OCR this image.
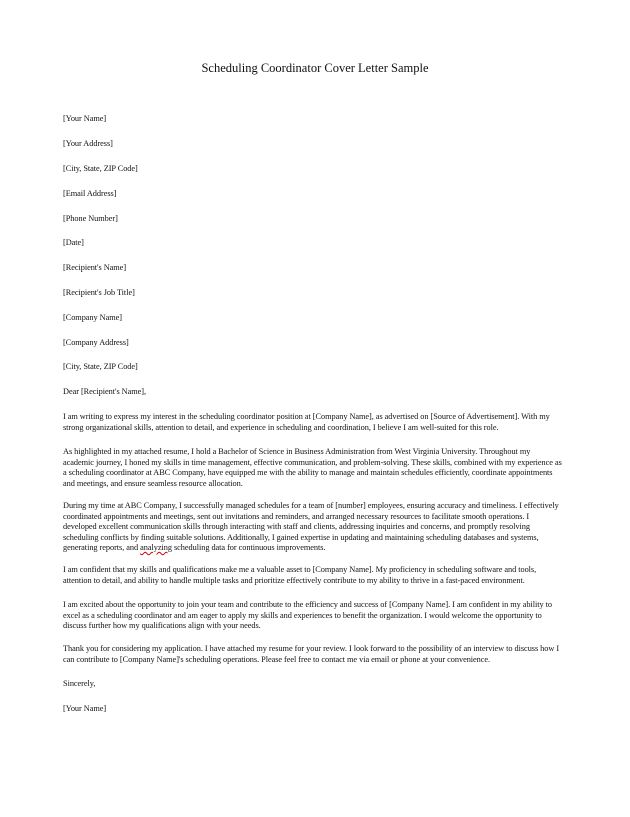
Scheduling Coordinator Cover Letter Sample
[Your Name]
[Your Address]
[City, State, ZIP Code]
[Email Address]
[Phone Number]
[Date]
[Recipient's Name]
[Recipient's Job Title]
[Company Name]
[Company Address]
[City, State, ZIP Code]
Dear [Recipient's Name],
I am writing to express my interest in the scheduling coordinator position at [Company Name], as advertised on [Source of Advertisement]. With my strong organizational skills, attention to detail, and experience in scheduling and coordination, I believe I am well-suited for this role.
As highlighted in my attached resume, I hold a Bachelor of Science in Business Administration from West Virginia University. Throughout my academic journey, I honed my skills in time management, effective communication, and problem-solving. These skills, combined with my experience as a scheduling coordinator at ABC Company, have equipped me with the ability to manage and maintain schedules efficiently, coordinate appointments and meetings, and ensure seamless resource allocation.
During my time at ABC Company, I successfully managed schedules for a team of [number] employees, ensuring accuracy and timeliness. I effectively coordinated appointments and meetings, sent out invitations and reminders, and arranged necessary resources to facilitate smooth operations. I developed excellent communication skills through interacting with staff and clients, addressing inquiries and concerns, and promptly resolving scheduling conflicts by finding suitable solutions. Additionally, I gained expertise in updating and maintaining scheduling databases and systems, generating reports, and analyzing scheduling data for continuous improvements.
I am confident that my skills and qualifications make me a valuable asset to [Company Name]. My proficiency in scheduling software and tools, attention to detail, and ability to handle multiple tasks and prioritize effectively contribute to my ability to thrive in a fast-paced environment.
I am excited about the opportunity to join your team and contribute to the efficiency and success of [Company Name]. I am confident in my ability to excel as a scheduling coordinator and am eager to apply my skills and experiences to benefit the organization. I would welcome the opportunity to discuss further how my qualifications align with your needs.
Thank you for considering my application. I have attached my resume for your review. I look forward to the possibility of an interview to discuss how I can contribute to [Company Name]'s scheduling operations. Please feel free to contact me via email or phone at your convenience.
Sincerely,
[Your Name]
